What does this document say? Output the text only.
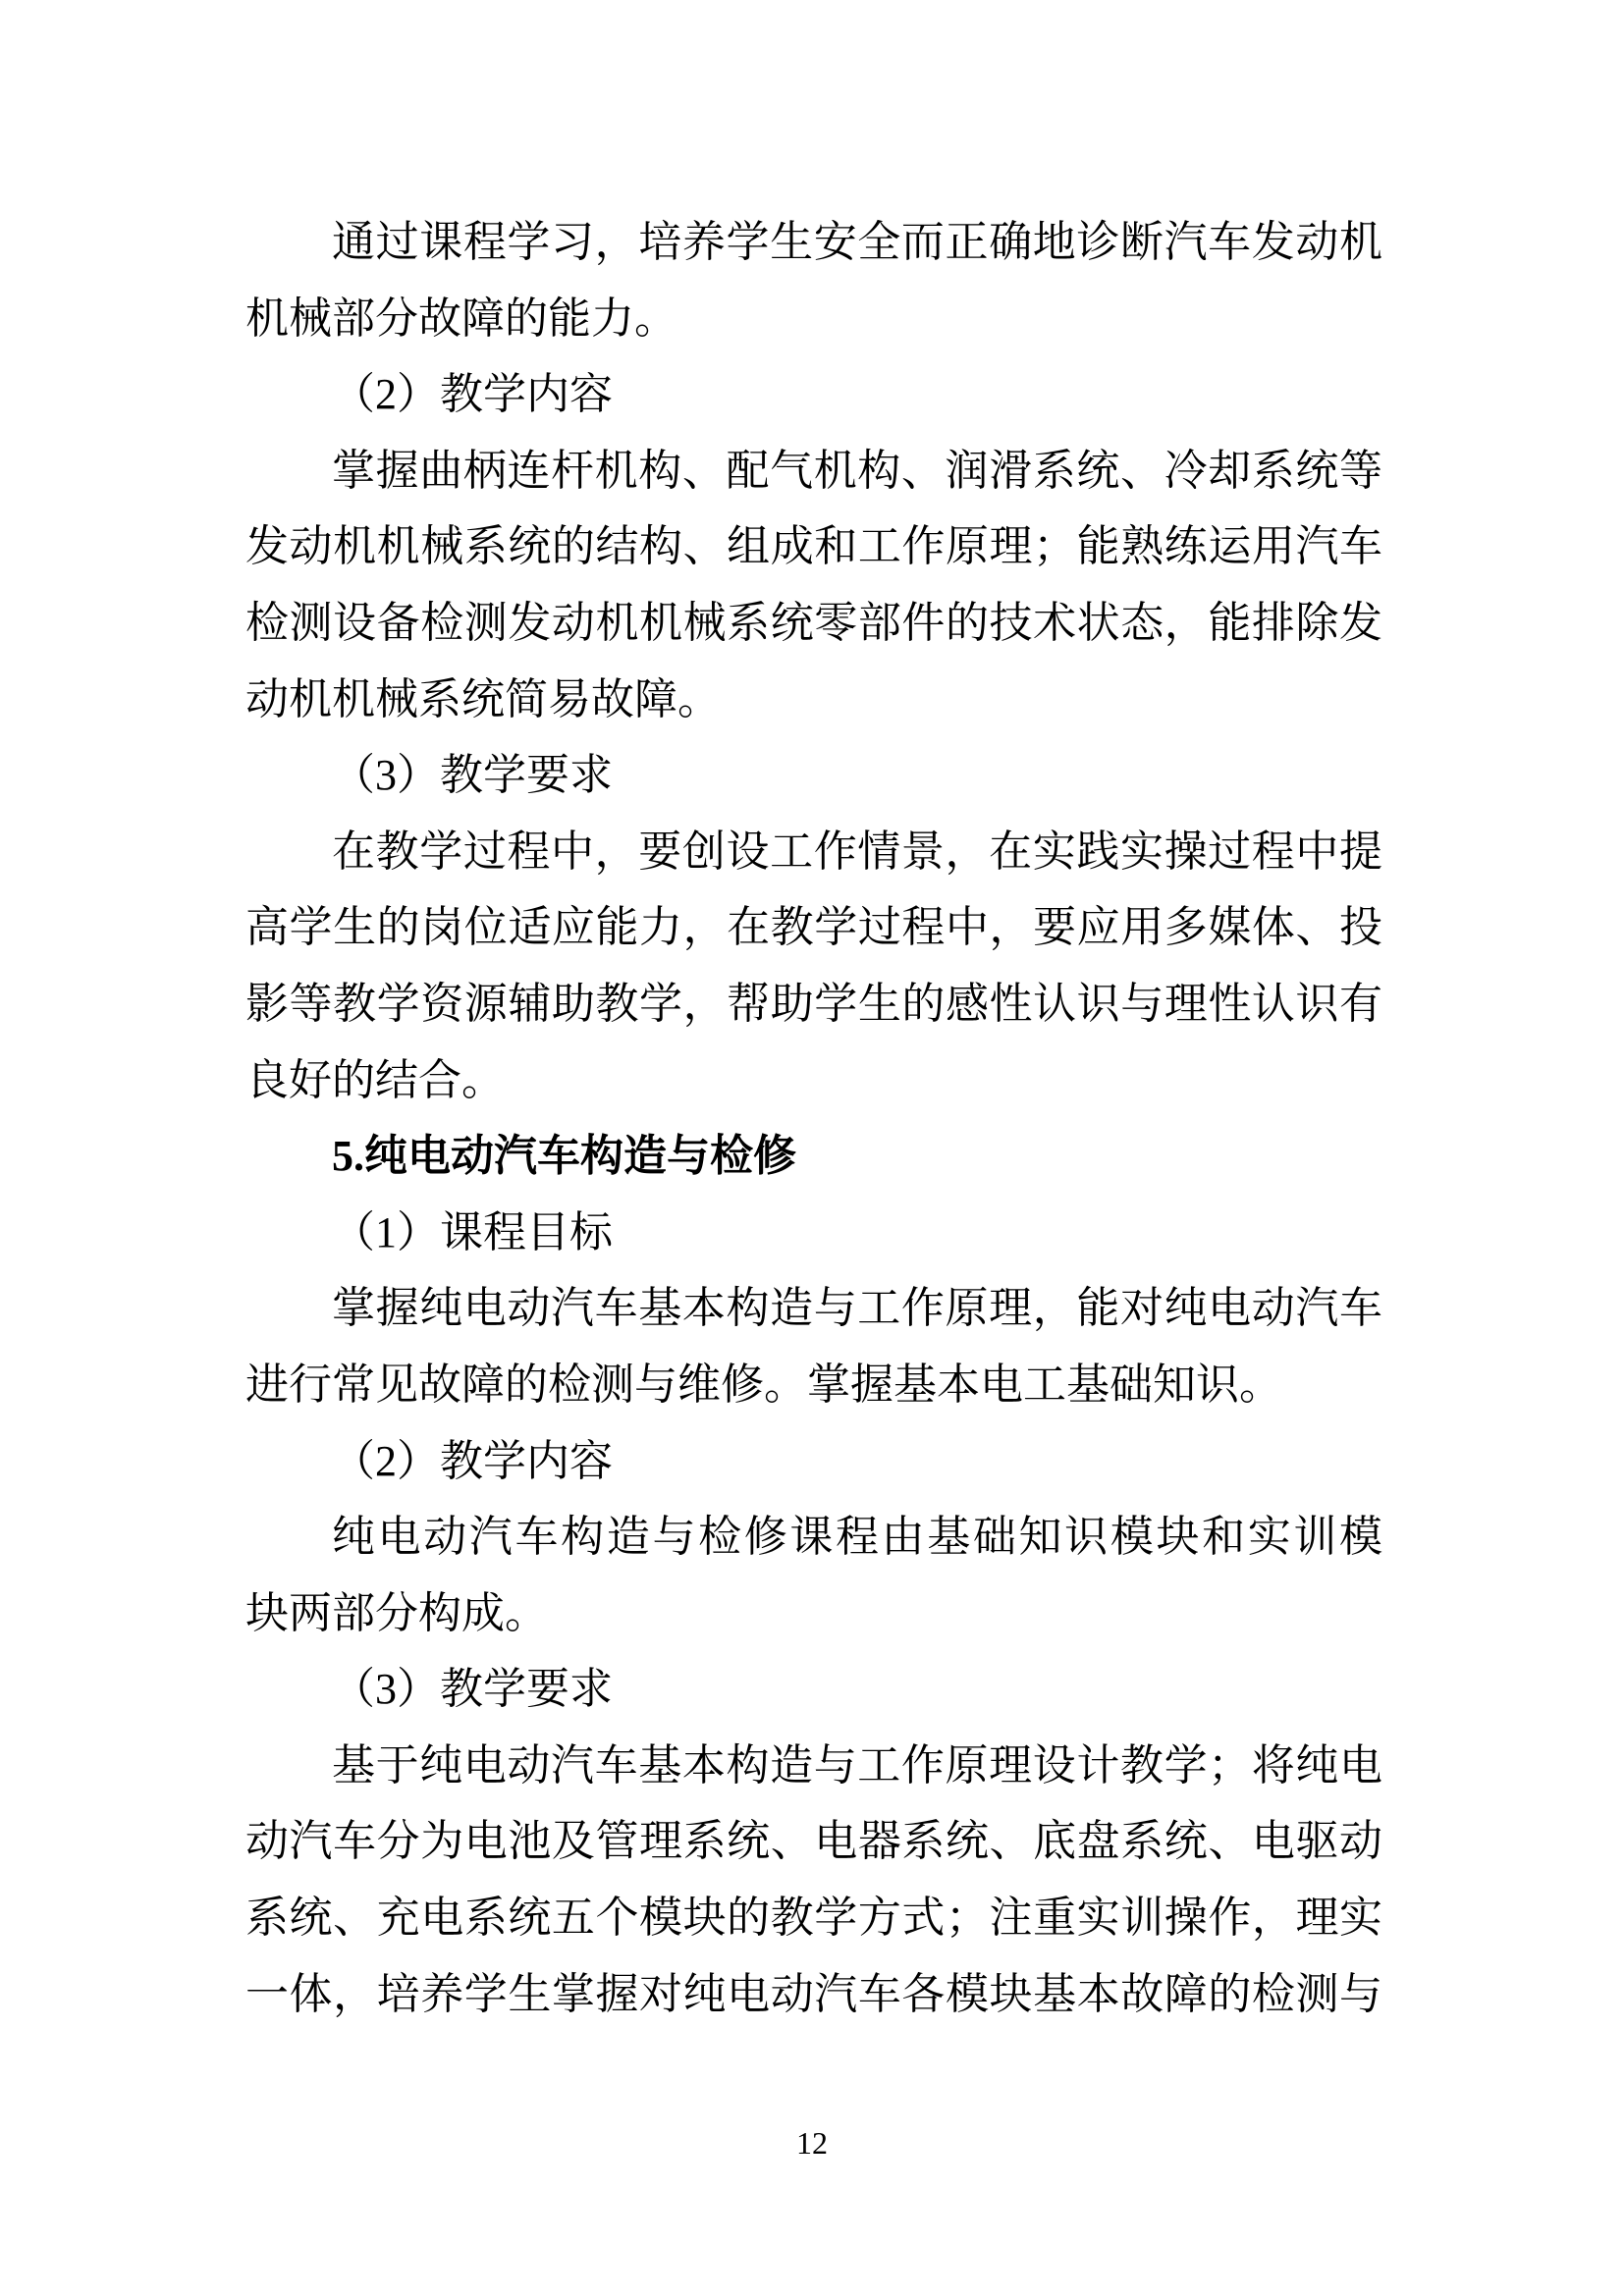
通过课程学习，培养学生安全而正确地诊断汽车发动机
机械部分故障的能力。
（2）教学内容
掌握曲柄连杆机构、配气机构、润滑系统、冷却系统等
发动机机械系统的结构、组成和工作原理；能熟练运用汽车
检测设备检测发动机机械系统零部件的技术状态，能排除发
动机机械系统简易故障。
（3）教学要求
在教学过程中，要创设工作情景，在实践实操过程中提
高学生的岗位适应能力，在教学过程中，要应用多媒体、投
影等教学资源辅助教学，帮助学生的感性认识与理性认识有
良好的结合。
5.纯电动汽车构造与检修
（1）课程目标
掌握纯电动汽车基本构造与工作原理，能对纯电动汽车
进行常见故障的检测与维修。掌握基本电工基础知识。
（2）教学内容
纯电动汽车构造与检修课程由基础知识模块和实训模
块两部分构成。
（3）教学要求
基于纯电动汽车基本构造与工作原理设计教学；将纯电
动汽车分为电池及管理系统、电器系统、底盘系统、电驱动
系统、充电系统五个模块的教学方式；注重实训操作，理实
一体，培养学生掌握对纯电动汽车各模块基本故障的检测与
12
